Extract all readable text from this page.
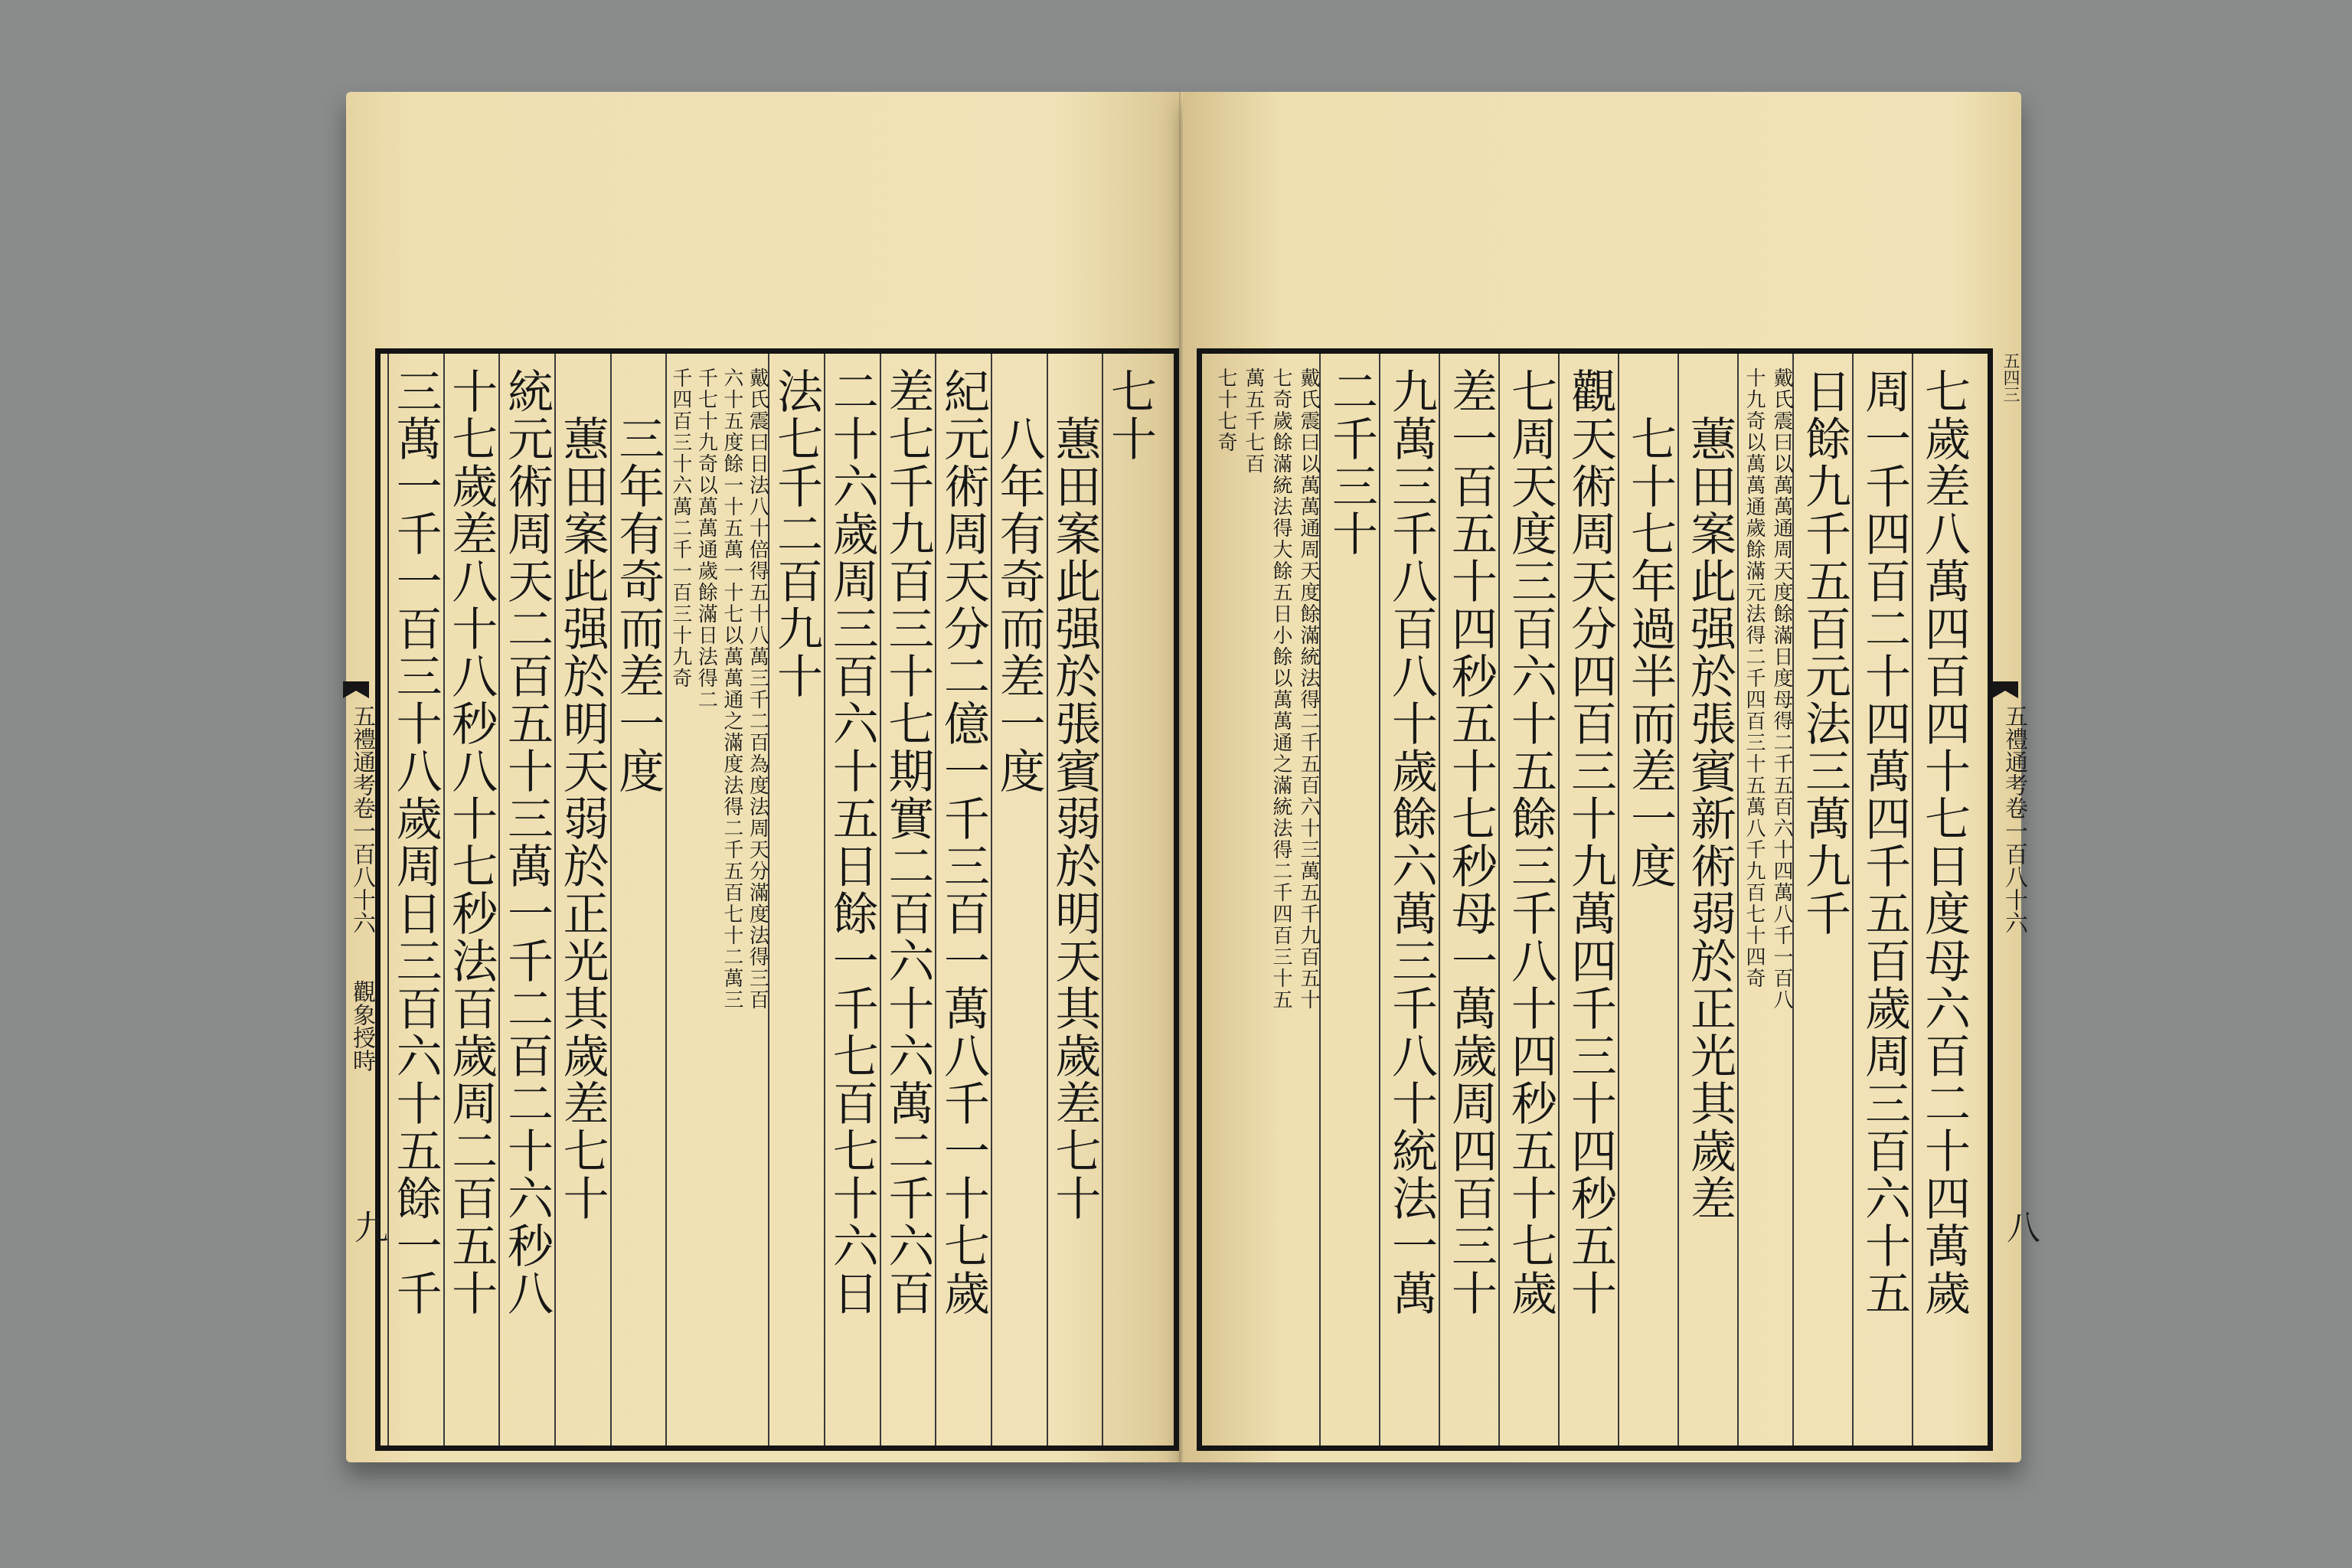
七十
　蕙田案此强於張賓弱於明天其歲差七十
　八年有奇而差一度
紀元術周天分二億一千三百一萬八千一十七歲
差七千九百三十七期實二百六十六萬二千六百
二十六歲周三百六十五日餘一千七百七十六日
法七千二百九十
戴氏震曰日法八十倍得五十八萬三千二百為度法周天分滿度法得三百
六十五度餘一十五萬一十七以萬萬通之滿度法得二千五百七十二萬三
千七十九奇以萬萬通歲餘滿日法得二
千四百三十六萬二千一百三十九奇
　三年有奇而差一度
　蕙田案此强於明天弱於正光其歲差七十
統元術周天二百五十三萬一千二百二十六秒八
十七歲差八十八秒八十七秒法百歲周二百五十
三萬一千一百三十八歲周日三百六十五餘一千
五禮通考卷一百八十六
觀象授時
九	七歲差八萬四百四十七日度母六百二十四萬歲
周一千四百二十四萬四千五百歲周三百六十五
日餘九千五百元法三萬九千
戴氏震曰以萬萬通周天度餘滿日度母得二千五百六十四萬八千一百八
十九奇以萬萬通歲餘滿元法得二千四百三十五萬八千九百七十四奇
　蕙田案此强於張賓新術弱於正光其歲差
　七十七年過半而差一度
觀天術周天分四百三十九萬四千三十四秒五十
七周天度三百六十五餘三千八十四秒五十七歲
差一百五十四秒五十七秒母一萬歲周四百三十
九萬三千八百八十歲餘六萬三千八十統法一萬
二千三十
戴氏震曰以萬萬通周天度餘滿統法得二千五百六十三萬五千九百五十
七奇歲餘滿統法得大餘五日小餘以萬萬通之滿統法得二千四百三十五
萬五千七百
七十七奇	五四三
五禮通考卷一百八十六
八
